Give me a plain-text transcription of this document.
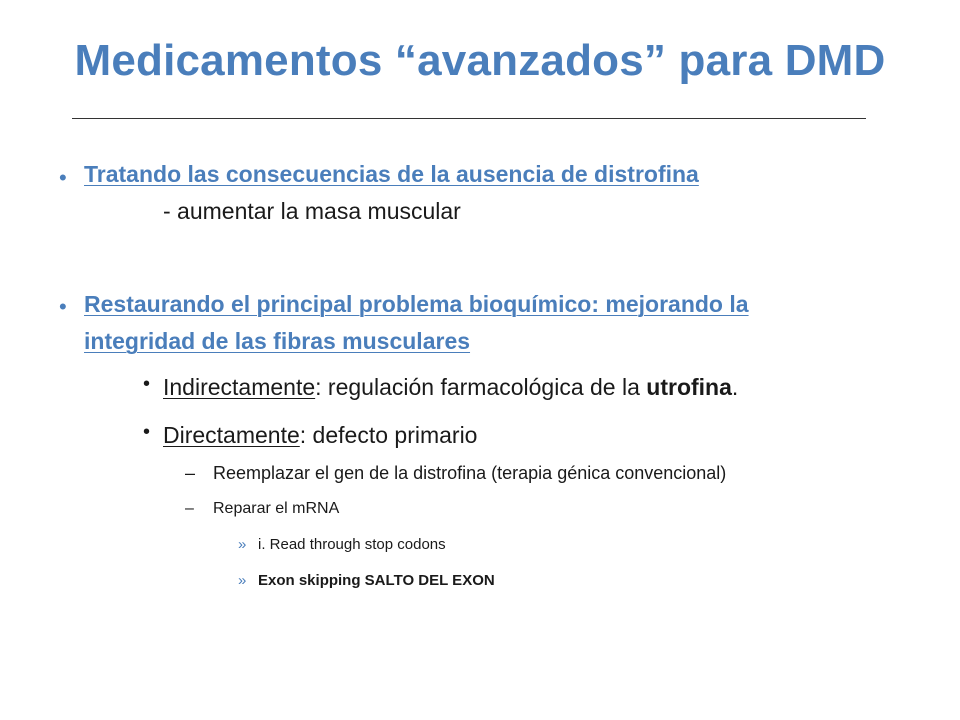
Medicamentos “avanzados” para DMD
• Tratando las consecuencias de la ausencia de distrofina
- aumentar la masa muscular
• Restaurando el principal problema bioquímico: mejorando la
integridad de las fibras musculares
• Indirectamente: regulación farmacológica de la utrofina.
• Directamente: defecto primario
– Reemplazar el gen de la distrofina (terapia génica convencional)
– Reparar el mRNA
» i. Read through stop codons
» Exon skipping SALTO DEL EXON
